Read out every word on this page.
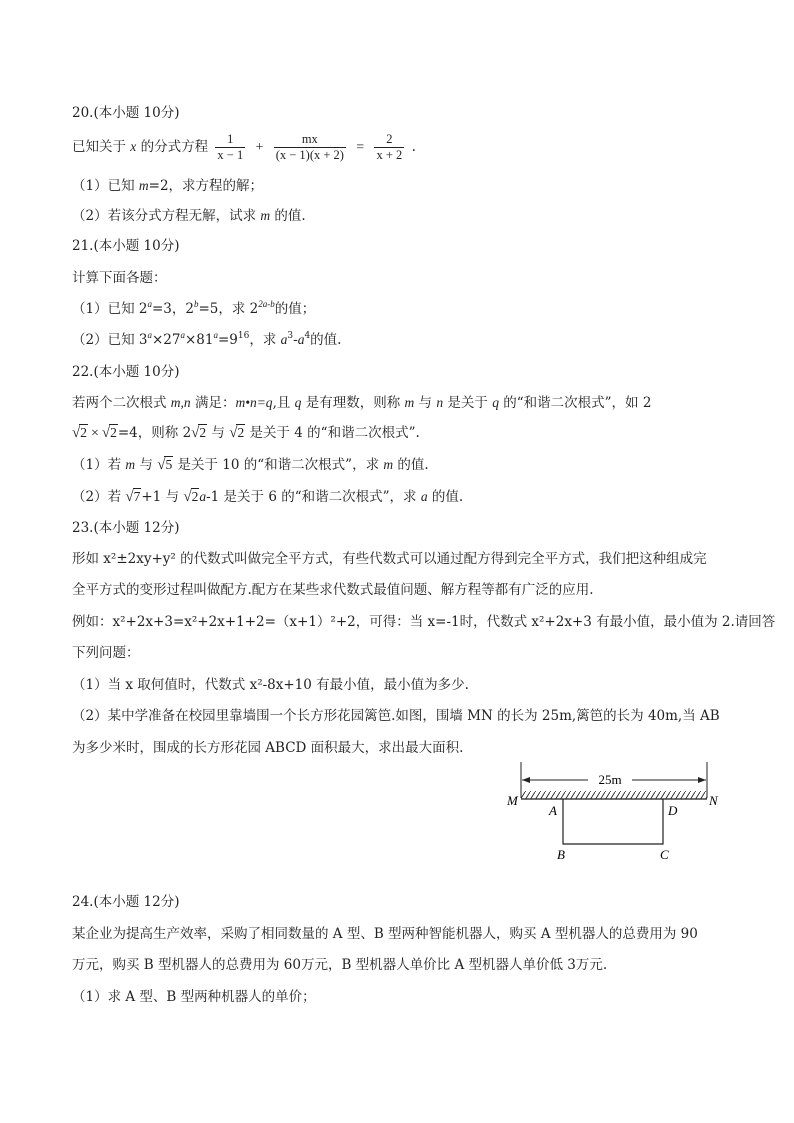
20.(本小题 10分)
已知关于 x 的分式方程 $\frac{1}{x - 1} + \frac{mx}{(x - 1)(x + 2)} = \frac{2}{x + 2}$ .
（1）已知 m=2，求方程的解；
（2）若该分式方程无解，试求 m 的值.
21.(本小题 10分)
计算下面各题：
（1）已知 $2^a=3$，$2^b=5$，求 $2^{2a-b}$的值；
（2）已知 $3^a\times 27^a\times 81^a=9^{16}$，求 $a^3-a^4$的值.
22.(本小题 10分)
若两个二次根式 m,n 满足：m•n=q,且 q 是有理数，则称 m 与 n 是关于 q 的“和谐二次根式”，如 2
√2 × √2=4，则称 2√2 与 √2 是关于 4 的“和谐二次根式”.
（1）若 m 与 √5 是关于 10 的“和谐二次根式”，求 m 的值.
（2）若 √7+1 与 √2a-1 是关于 6 的“和谐二次根式”，求 a 的值.
23.(本小题 12分)
形如 x²±2xy+y² 的代数式叫做完全平方式，有些代数式可以通过配方得到完全平方式，我们把这种组成完
全平方式的变形过程叫做配方.配方在某些求代数式最值问题、解方程等都有广泛的应用.
例如：x²+2x+3=x²+2x+1+2=（x+1）²+2，可得：当 x=-1时，代数式 x²+2x+3 有最小值，最小值为 2.请回答
下列问题：
（1）当 x 取何值时，代数式 x²-8x+10 有最小值，最小值为多少.
（2）某中学准备在校园里靠墙围一个长方形花园篱笆.如图，围墙 MN 的长为 25m,篱笆的长为 40m,当 AB
为多少米时，围成的长方形花园 ABCD 面积最大，求出最大面积.
25m
M	N
A	D
B	C
24.(本小题 12分)
某企业为提高生产效率，采购了相同数量的 A 型、B 型两种智能机器人，购买 A 型机器人的总费用为 90
万元，购买 B 型机器人的总费用为 60万元，B 型机器人单价比 A 型机器人单价低 3万元.
（1）求 A 型、B 型两种机器人的单价；
